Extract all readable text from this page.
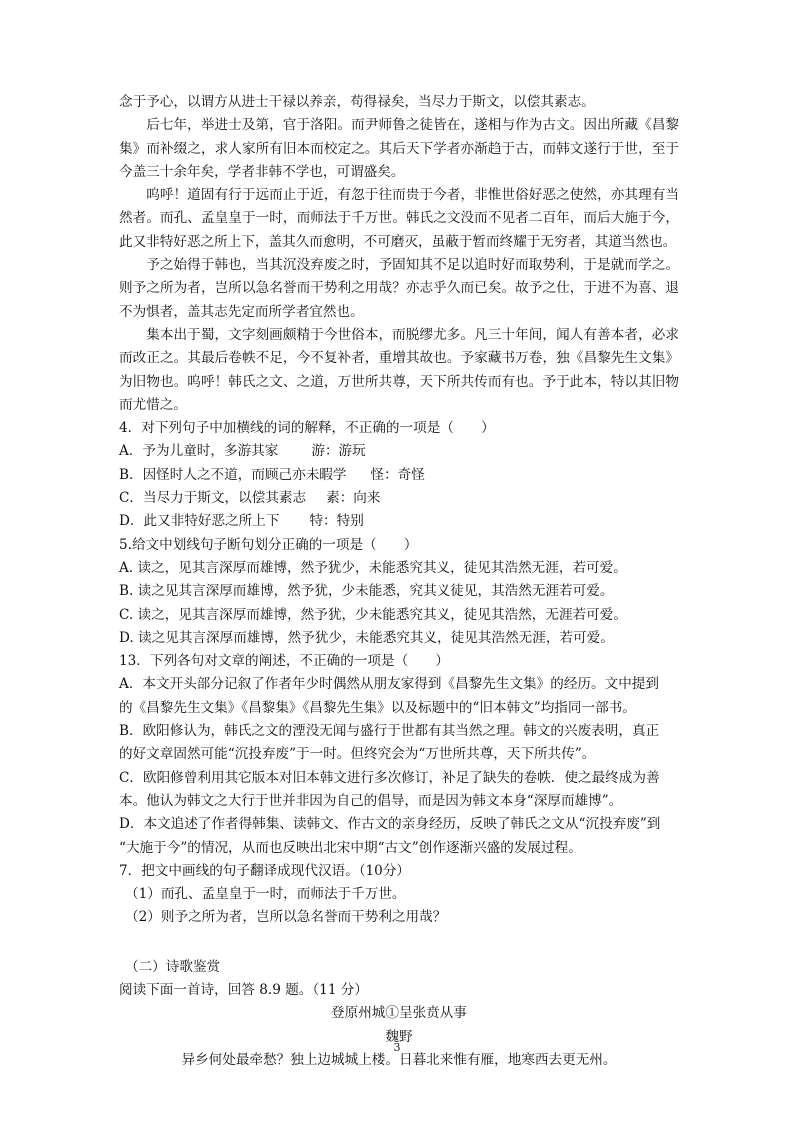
念于予心，以谓方从进士干禄以养亲，苟得禄矣，当尽力于斯文，以偿其素志。

后七年，举进士及第，官于洛阳。而尹师鲁之徒皆在，遂相与作为古文。因出所藏《昌黎集》而补缀之，求人家所有旧本而校定之。其后天下学者亦渐趋于古，而韩文遂行于世，至于今盖三十余年矣，学者非韩不学也，可谓盛矣。

呜呼！道固有行于远而止于近，有忽于往而贵于今者，非惟世俗好恶之使然，亦其理有当然者。而孔、孟皇皇于一时，而师法于千万世。韩氏之文没而不见者二百年，而后大施于今，此又非特好恶之所上下，盖其久而愈明，不可磨灭，虽蔽于暂而终耀于无穷者，其道当然也。

予之始得于韩也，当其沉没弃废之时，予固知其不足以追时好而取势利，于是就而学之。则予之所为者，岂所以急名誉而干势利之用哉？亦志乎久而已矣。故予之仕，于进不为喜、退不为惧者，盖其志先定而所学者宜然也。

集本出于蜀，文字刻画颇精于今世俗本，而脱缪尤多。凡三十年间，闻人有善本者，必求而改正之。其最后卷帙不足，今不复补者，重增其故也。予家藏书万卷，独《昌黎先生文集》为旧物也。呜呼！韩氏之文、之道，万世所共尊，天下所共传而有也。予于此本，特以其旧物而尤惜之。

4．对下列句子中加横线的词的解释，不正确的一项是（　　）

A．予为儿童时，多游其家 游：游玩

B．因怪时人之不道，而顾己亦未暇学 怪：奇怪

C．当尽力于斯文，以偿其素志 素：向来

D．此又非特好恶之所上下 特：特别

5.给文中划线句子断句划分正确的一项是（　　）

A. 读之，见其言深厚而雄博，然予犹少，未能悉究其义，徒见其浩然无涯，若可爱。

B. 读之见其言深厚而雄博，然予犹，少未能悉，究其义徒见，其浩然无涯若可爱。

C. 读之，见其言深厚而雄博，然予犹，少未能悉究其义，徒见其浩然，无涯若可爱。

D. 读之见其言深厚而雄博，然予犹少，未能悉究其义，徒见其浩然无涯，若可爱。

13．下列各句对文章的阐述，不正确的一项是（　　）

A．本文开头部分记叙了作者年少时偶然从朋友家得到《昌黎先生文集》的经历。文中提到

的《昌黎先生文集》《昌黎集》《昌黎先生集》以及标题中的“旧本韩文”均指同一部书。

B．欧阳修认为，韩氏之文的湮没无闻与盛行于世都有其当然之理。韩文的兴废表明，真正

的好文章固然可能“沉投弃废”于一时。但终究会为“万世所共尊，天下所共传”。

C．欧阳修曾利用其它版本对旧本韩文进行多次修订，补足了缺失的卷帙．使之最终成为善

本。他认为韩文之大行于世并非因为自己的倡导，而是因为韩文本身“深厚而雄博”。

D．本文追述了作者得韩集、读韩文、作古文的亲身经历，反映了韩氏之文从“沉投弃废”到

“大施于今”的情况，从而也反映出北宋中期“古文”创作逐渐兴盛的发展过程。

7．把文中画线的句子翻译成现代汉语。（10分）

（1）而孔、孟皇皇于一时，而师法于千万世。

（2）则予之所为者，岂所以急名誉而干势利之用哉？

（二）诗歌鉴赏

阅读下面一首诗，回答 8.9 题。（11 分）

登原州城①呈张贲从事

魏野

异乡何处最牵愁？独上边城城上楼。日暮北来惟有雁，地寒西去更无州。

3
